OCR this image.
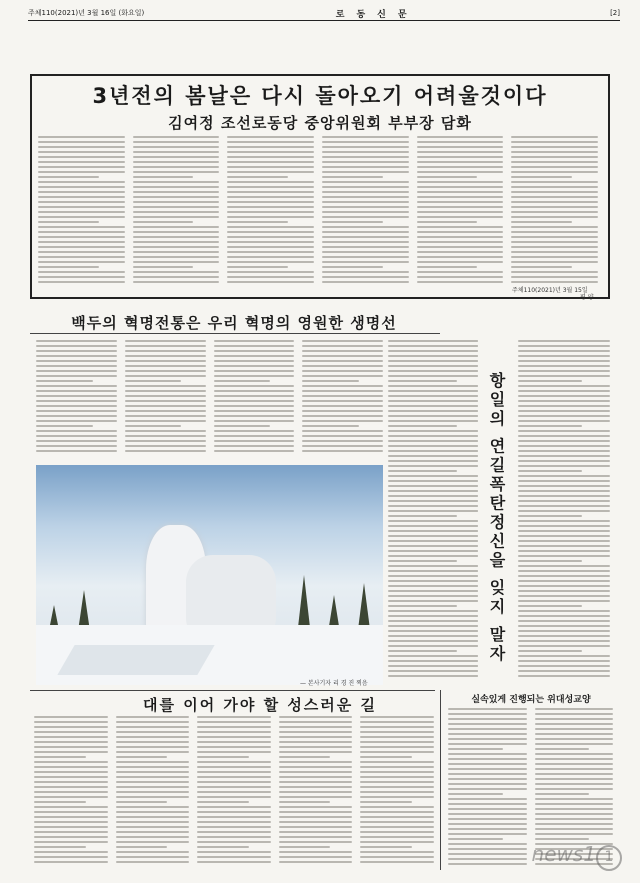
주체110(2021)년 3월 16일 (화요일)	로동신문	[2]
3년전의 봄날은 다시 돌아오기 어려울것이다
김여정 조선로동당 중앙위원회 부부장 담화
주체110(2021)년 3월 15일
평 양
백두의 혁명전통은 우리 혁명의 영원한 생명선
— 본사기자 리 경 진 찍음
항일의 연길폭탄정신을 잊지 말자
대를 이어 가야 할 성스러운 길	실속있게 진행되는 위대성교양
news1 1
